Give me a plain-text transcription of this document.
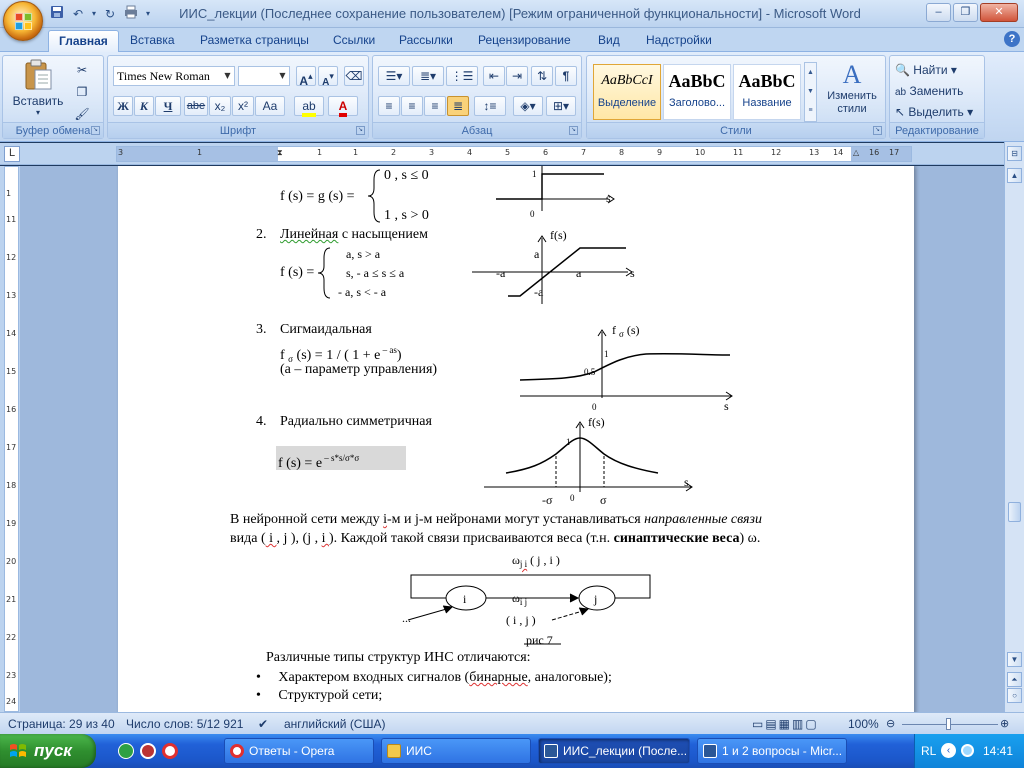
↶	▾ ↻	▾	ИИС_лекции (Последнее сохранение пользователем) [Режим ограниченной функциональности] - Microsoft Word	–	❐	✕
Главная	Вставка	Разметка страницы	Ссылки	Рассылки	Рецензирование	Вид	Надстройки	?
Вставить
▾
✂
❐
🖌
Буфер обмена ↘
Times New Roman	▼	▼ A▴
A▾ ⌫
Ж К	Ч	abe x₂	x²	Aa	ab	A
Шрифт	↘
☰▾	≣▾	⋮☰	⇤	⇥	⇅	¶
≡	≡	≡	≣	↕≡	◈▾	⊞▾
Абзац	↘
AaBbCcI
Выделение
AaBbC
Заголово...
AaBbC
Название
▲
▼
≡
A
Изменить стили
Стили	↘
🔍 Найти ▾
ab Заменить
↖ Выделить ▾
Редактирование
L	3	1	⧗	1	1	2	3	4	5	6	7	8	9	10	11	12	13 14 △ 16 17
1
11
12
13
14
15
16
17
18
19
20
21
22
23
24
f (s) = g (s) =
0 , s ≤ 0
1 , s > 0
1
0
s
2. Линейная с насыщением	f(s)
a, s > a	a
f (s) =	s, - a ≤ s ≤ a	-a	a	s
- a, s < - a	-a
3. Сигмаидальная	f $_\sigma$ (s)
f $_\sigma$ (s) = 1 / ( 1 + e $^{- as}$)	1
(а – параметр управления)	0.5
0	s
4. Радиально симметричная	f(s)
1
f (s) = e $^{- s*s/\sigma*\sigma}$
s
-σ 0 σ
В нейронной сети между i-м и j-м нейронами могут устанавливаться направленные связи
вида ( i , j ), (j , i ). Каждой такой связи присваиваются веса (т.н. синаптические веса) ω.
$\omega_{j i}$ ( j , i )
i	j
$\omega_{i j}$
...	( i , j )
рис 7
Различные типы структур ИНС отличаются:
•     Характером входных сигналов (бинарные, аналоговые);
•     Структурой сети;
⊟
▲
▼
⏶
○
Страница: 29 из 40 Число слов: 5/12 921 ✔ английский (США)	▭▤▦▥▢ 100% ⊖	⊕
пуск	Ответы - Opera	ИИС	ИИС_лекции (После...	1 и 2 вопросы - Micr...	RL	‹	14:41
